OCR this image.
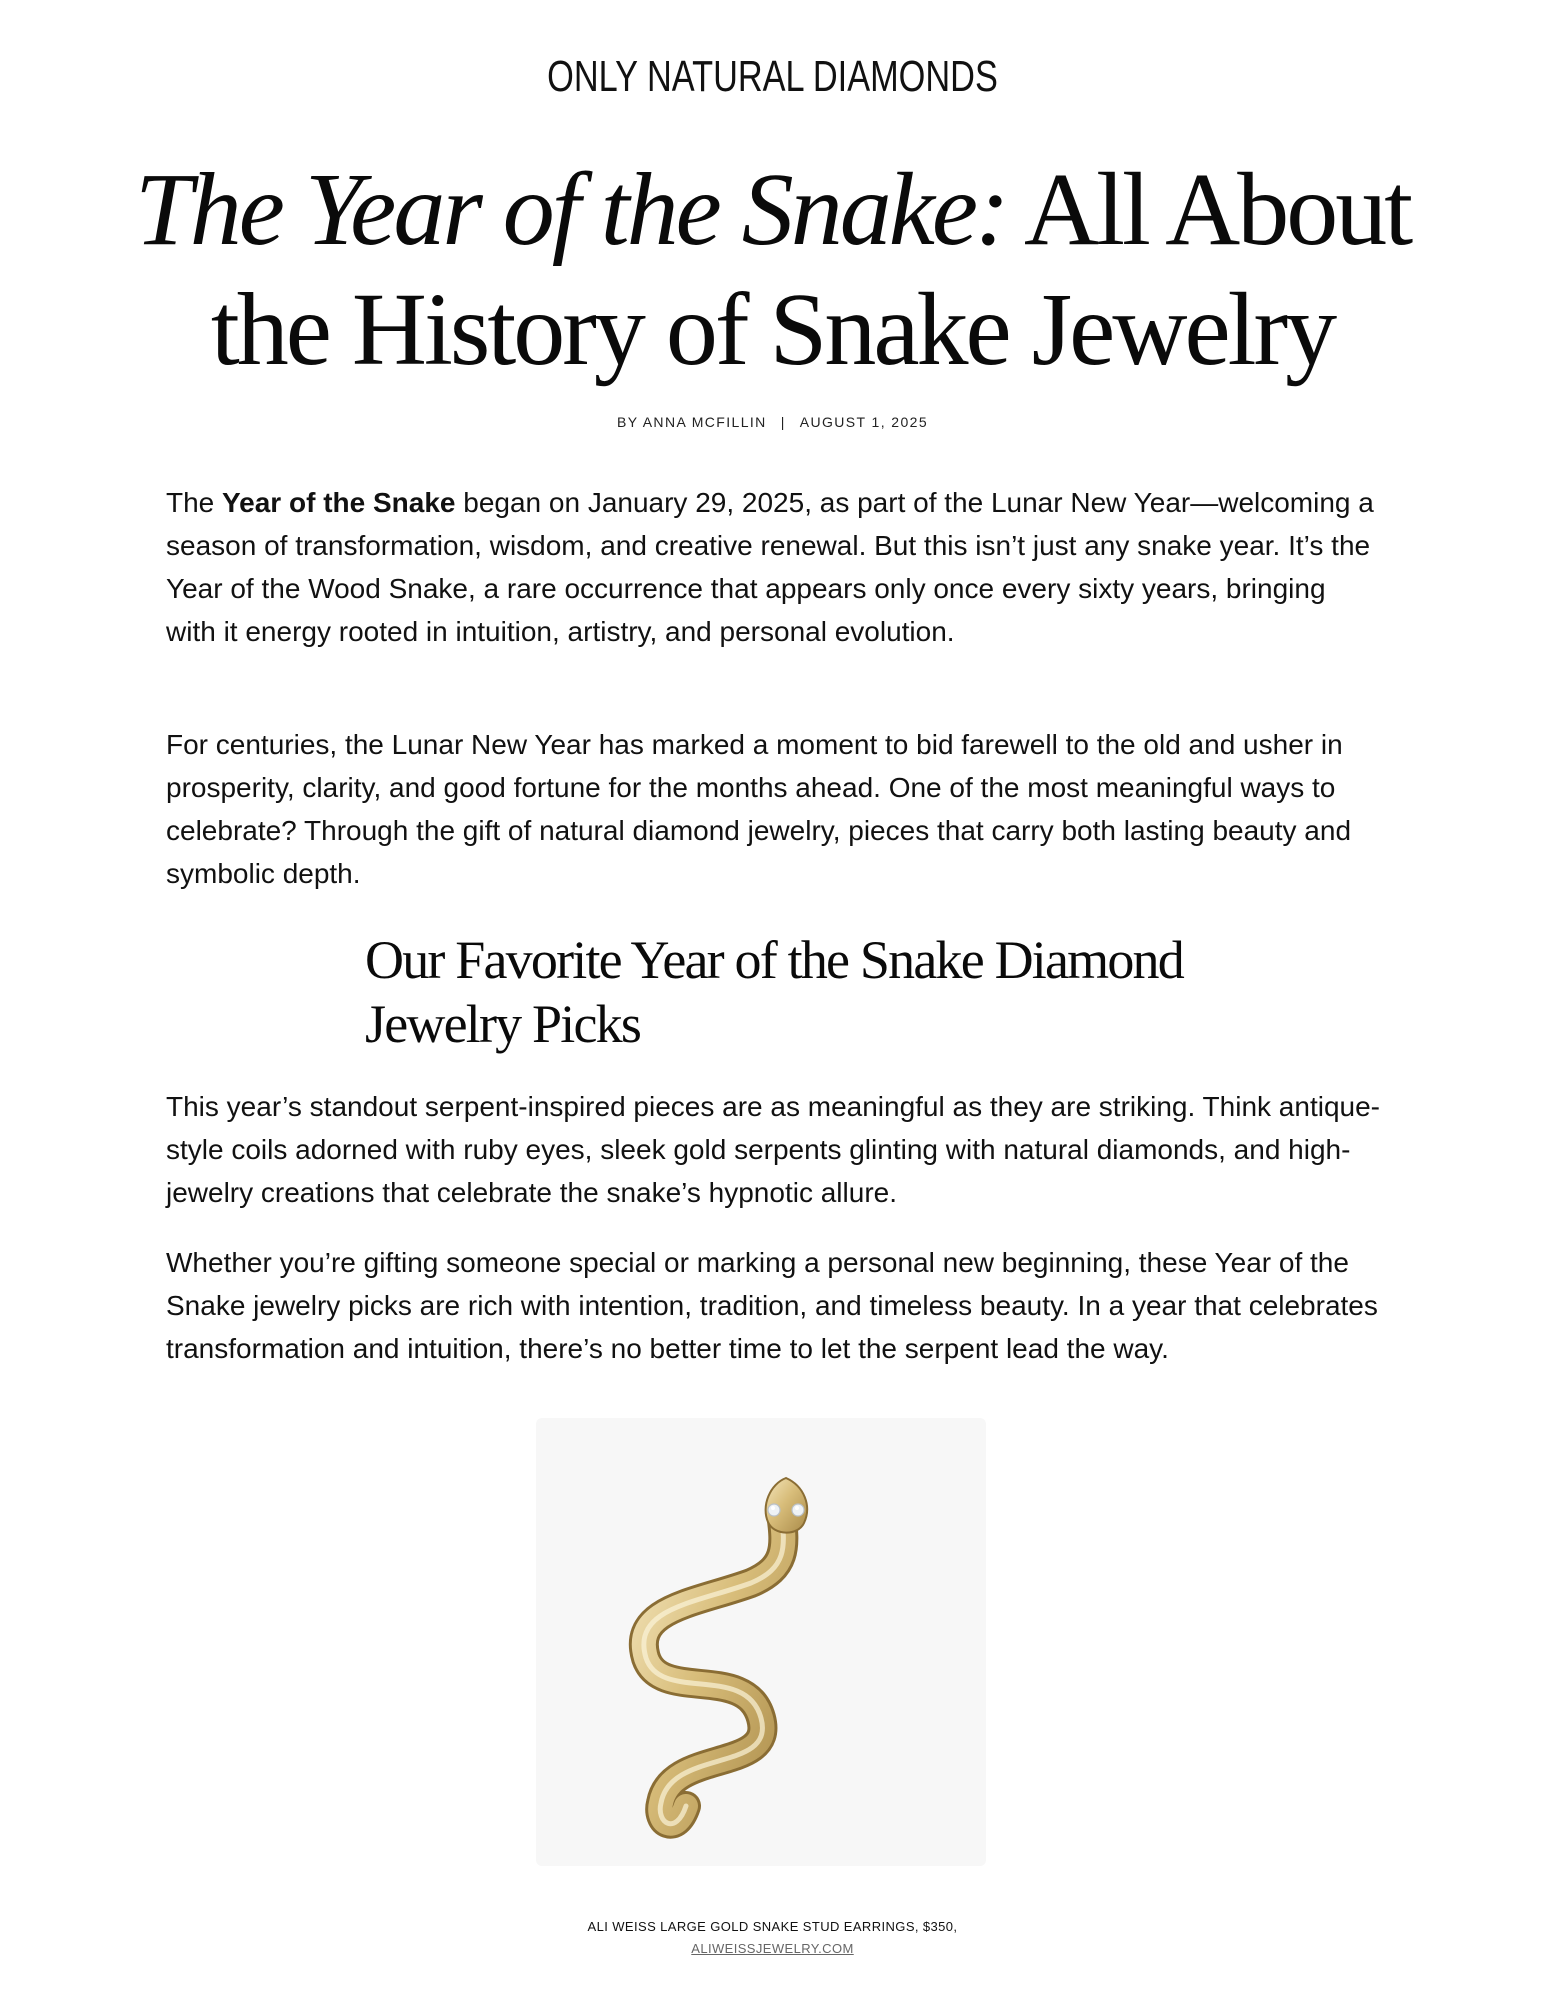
ONLY NATURAL DIAMONDS
The Year of the Snake: All About the History of Snake Jewelry
BY ANNA MCFILLIN | AUGUST 1, 2025

The Year of the Snake began on January 29, 2025, as part of the Lunar New Year—welcoming a season of transformation, wisdom, and creative renewal. But this isn’t just any snake year. It’s the Year of the Wood Snake, a rare occurrence that appears only once every sixty years, bringing with it energy rooted in intuition, artistry, and personal evolution.

For centuries, the Lunar New Year has marked a moment to bid farewell to the old and usher in prosperity, clarity, and good fortune for the months ahead. One of the most meaningful ways to celebrate? Through the gift of natural diamond jewelry, pieces that carry both lasting beauty and symbolic depth.

Our Favorite Year of the Snake Diamond Jewelry Picks

This year’s standout serpent-inspired pieces are as meaningful as they are striking. Think antique-style coils adorned with ruby eyes, sleek gold serpents glinting with natural diamonds, and high-jewelry creations that celebrate the snake’s hypnotic allure.

Whether you’re gifting someone special or marking a personal new beginning, these Year of the Snake jewelry picks are rich with intention, tradition, and timeless beauty. In a year that celebrates transformation and intuition, there’s no better time to let the serpent lead the way.

ALI WEISS LARGE GOLD SNAKE STUD EARRINGS, $350,
ALIWEISSJEWELRY.COM
